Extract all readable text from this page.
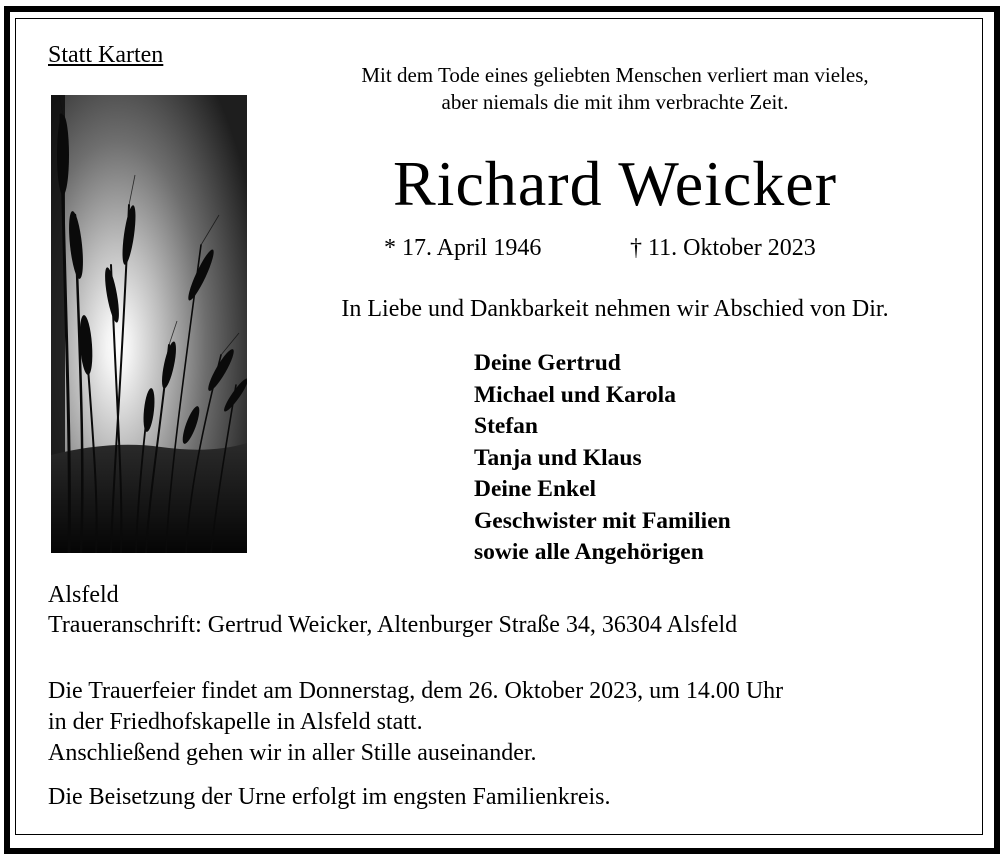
Statt Karten
Mit dem Tode eines geliebten Menschen verliert man vieles,
aber niemals die mit ihm verbrachte Zeit.
Richard Weicker
* 17. April 1946	† 11. Oktober 2023
In Liebe und Dankbarkeit nehmen wir Abschied von Dir.
Deine Gertrud
Michael und Karola
Stefan
Tanja und Klaus
Deine Enkel
Geschwister mit Familien
sowie alle Angehörigen
Alsfeld
Traueranschrift: Gertrud Weicker, Altenburger Straße 34, 36304 Alsfeld
Die Trauerfeier findet am Donnerstag, dem 26. Oktober 2023, um 14.00 Uhr
in der Friedhofskapelle in Alsfeld statt.
Anschließend gehen wir in aller Stille auseinander.
Die Beisetzung der Urne erfolgt im engsten Familienkreis.
